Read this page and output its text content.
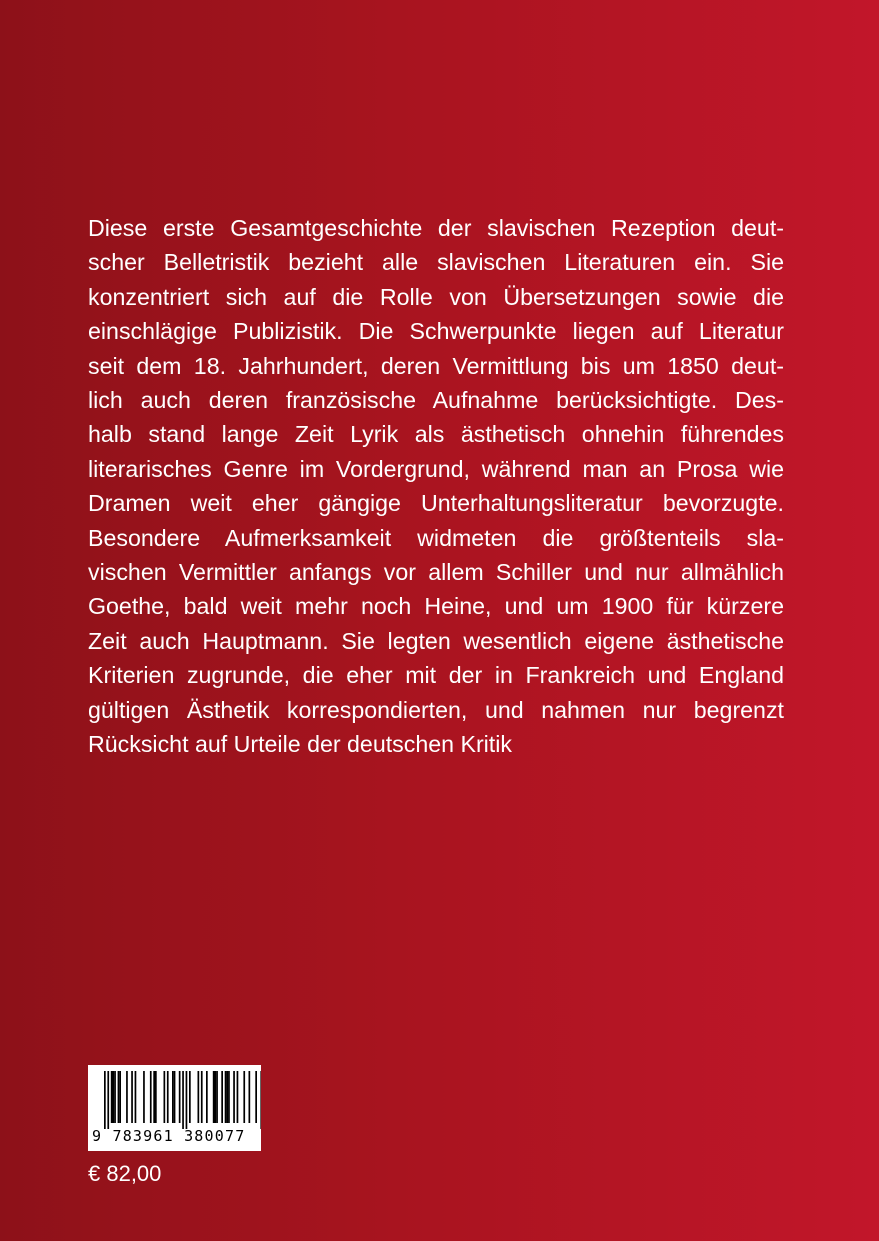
Diese erste Gesamtgeschichte der slavischen Rezeption deut-
scher Belletristik bezieht alle slavischen Literaturen ein. Sie
konzentriert sich auf die Rolle von Übersetzungen sowie die
einschlägige Publizistik. Die Schwerpunkte liegen auf Literatur
seit dem 18. Jahrhundert, deren Vermittlung bis um 1850 deut-
lich auch deren französische Aufnahme berücksichtigte. Des-
halb stand lange Zeit Lyrik als ästhetisch ohnehin führendes
literarisches Genre im Vordergrund, während man an Prosa wie
Dramen weit eher gängige Unterhaltungsliteratur bevorzugte.
Besondere Aufmerksamkeit widmeten die größtenteils sla-
vischen Vermittler anfangs vor allem Schiller und nur allmählich
Goethe, bald weit mehr noch Heine, und um 1900 für kürzere
Zeit auch Hauptmann. Sie legten wesentlich eigene ästhetische
Kriterien zugrunde, die eher mit der in Frankreich und England
gültigen Ästhetik korrespondierten, und nahmen nur begrenzt
Rücksicht auf Urteile der deutschen Kritik
9 783961 380077
€ 82,00
